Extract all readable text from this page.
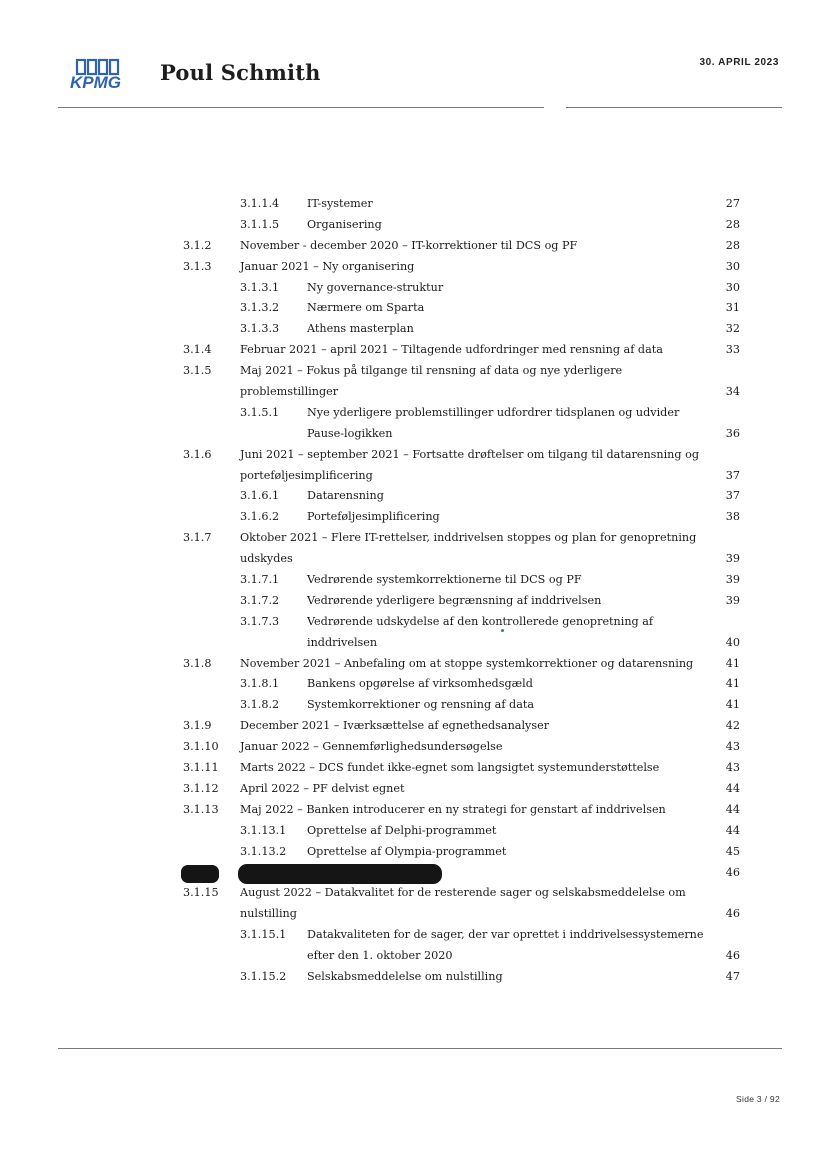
KPMG Poul Schmith	30. APRIL 2023
3.1.1.4 IT-systemer	27
3.1.1.5 Organisering	28
3.1.2	November - december 2020 – IT-korrektioner til DCS og PF	28
3.1.3	Januar 2021 – Ny organisering	30
3.1.3.1 Ny governance-struktur	30
3.1.3.2 Nærmere om Sparta	31
3.1.3.3 Athens masterplan	32
3.1.4	Februar 2021 – april 2021 – Tiltagende udfordringer med rensning af data	33
3.1.5	Maj 2021 – Fokus på tilgange til rensning af data og nye yderligere
problemstillinger	34
3.1.5.1 Nye yderligere problemstillinger udfordrer tidsplanen og udvider
Pause-logikken	36
3.1.6	Juni 2021 – september 2021 – Fortsatte drøftelser om tilgang til datarensning og
porteføljesimplificering	37
3.1.6.1 Datarensning	37
3.1.6.2 Porteføljesimplificering	38
3.1.7	Oktober 2021 – Flere IT-rettelser, inddrivelsen stoppes og plan for genopretning
udskydes	39
3.1.7.1 Vedrørende systemkorrektionerne til DCS og PF	39
3.1.7.2 Vedrørende yderligere begrænsning af inddrivelsen	39
3.1.7.3 Vedrørende udskydelse af den kontrollerede genopretning af
inddrivelsen	40
3.1.8	November 2021 – Anbefaling om at stoppe systemkorrektioner og datarensning	41
3.1.8.1 Bankens opgørelse af virksomhedsgæld	41
3.1.8.2 Systemkorrektioner og rensning af data	41
3.1.9	December 2021 – Iværksættelse af egnethedsanalyser	42
3.1.10 Januar 2022 – Gennemførlighedsundersøgelse	43
3.1.11 Marts 2022 – DCS fundet ikke-egnet som langsigtet systemunderstøttelse	43
3.1.12 April 2022 – PF delvist egnet	44
3.1.13 Maj 2022 – Banken introducerer en ny strategi for genstart af inddrivelsen	44
3.1.13.1 Oprettelse af Delphi-programmet	44
3.1.13.2 Oprettelse af Olympia-programmet	45
46
3.1.15 August 2022 – Datakvalitet for de resterende sager og selskabsmeddelelse om
nulstilling	46
3.1.15.1 Datakvaliteten for de sager, der var oprettet i inddrivelsessystemerne
efter den 1. oktober 2020	46
3.1.15.2 Selskabsmeddelelse om nulstilling	47
Side 3 / 92
